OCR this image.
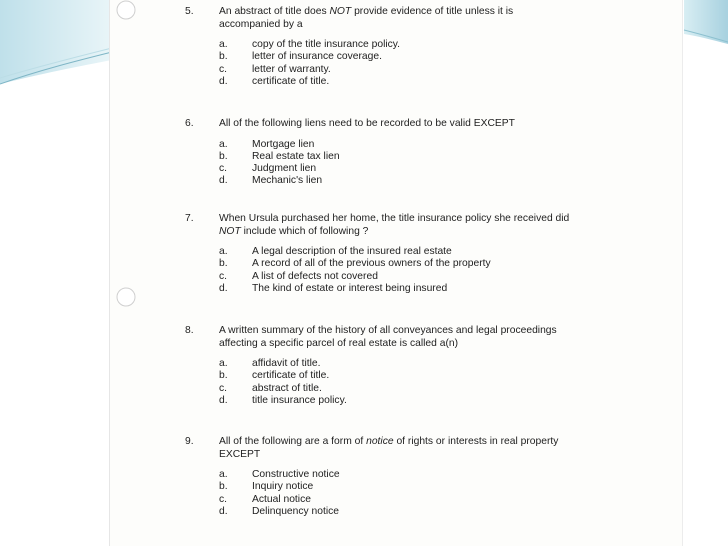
5.	An abstract of title does NOT provide evidence of title unless it is
accompanied by a
a.	copy of the title insurance policy.
b.	letter of insurance coverage.
c.	letter of warranty.
d.	certificate of title.
6.	All of the following liens need to be recorded to be valid EXCEPT
a.	Mortgage lien
b.	Real estate tax lien
c.	Judgment lien
d.	Mechanic's lien
7.	When Ursula purchased her home, the title insurance policy she received did
NOT include which of following ?
a.	A legal description of the insured real estate
b.	A record of all of the previous owners of the property
c.	A list of defects not covered
d.	The kind of estate or interest being insured
8.	A written summary of the history of all conveyances and legal proceedings
affecting a specific parcel of real estate is called a(n)
a.	affidavit of title.
b.	certificate of title.
c.	abstract of title.
d.	title insurance policy.
9.	All of the following are a form of notice of rights or interests in real property
EXCEPT
a.	Constructive notice
b.	Inquiry notice
c.	Actual notice
d.	Delinquency notice
